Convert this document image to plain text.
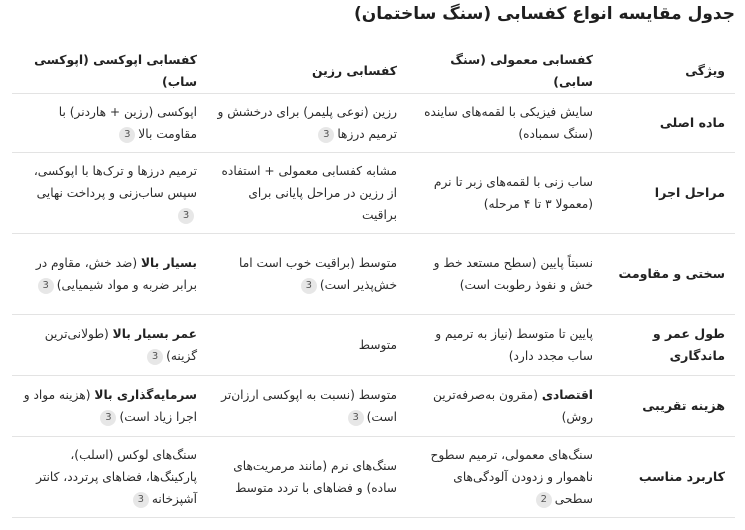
جدول مقایسه انواع کفسابی (سنگ ساختمان)
ویژگی	کفسابی معمولی (سنگ سابی)	کفسابی رزین	کفسابی اپوکسی (اپوکسی ساب)
ماده اصلی	سایش فیزیکی با لقمه‌های ساینده (سنگ سمباده)	رزین (نوعی پلیمر) برای درخشش و ترمیم درزها3	اپوکسی (رزین + هاردنر) با مقاومت بالا3
مراحل اجرا	ساب زنی با لقمه‌های زبر تا نرم (معمولا ۳ تا ۴ مرحله)	مشابه کفسابی معمولی + استفاده از رزین در مراحل پایانی برای براقیت	ترمیم درزها و ترک‌ها با اپوکسی، سپس ساب‌زنی و پرداخت نهایی3
سختی و مقاومت	نسبتاً پایین (سطح مستعد خط و خش و نفوذ رطوبت است)	متوسط (براقیت خوب است اما خش‌پذیر است)3	بسیار بالا (ضد خش، مقاوم در برابر ضربه و مواد شیمیایی)3
طول عمر و ماندگاری	پایین تا متوسط (نیاز به ترمیم و ساب مجدد دارد)	متوسط	عمر بسیار بالا (طولانی‌ترین گزینه)3
هزینه تقریبی	اقتصادی (مقرون به‌صرفه‌ترین روش)	متوسط (نسبت به اپوکسی ارزان‌تر است)3	سرمایه‌گذاری بالا (هزینه مواد و اجرا زیاد است)3
کاربرد مناسب	سنگ‌های معمولی، ترمیم سطوح ناهموار و زدودن آلودگی‌های سطحی2	سنگ‌های نرم (مانند مرمریت‌های ساده) و فضاهای با تردد متوسط	سنگ‌های لوکس (اسلب)، پارکینگ‌ها، فضاهای پرتردد، کانتر آشپزخانه3
